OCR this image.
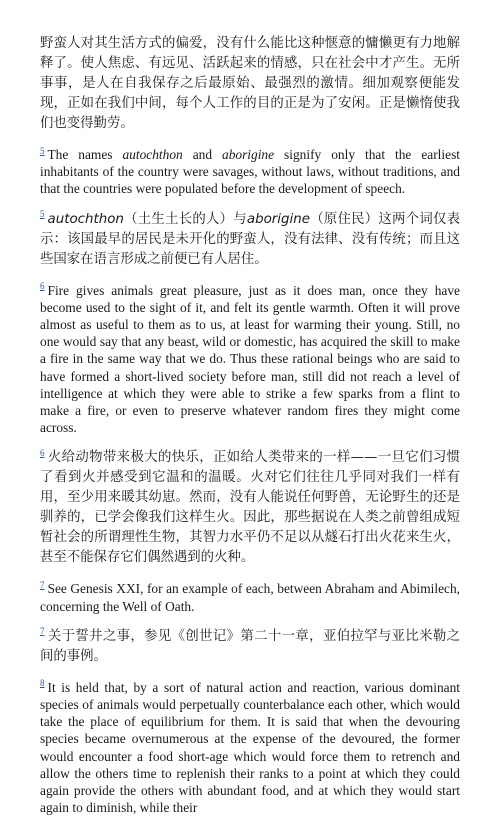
野蛮人对其生活方式的偏爱，没有什么能比这种惬意的慵懒更有力地解释了。使人焦虑、有远见、活跃起来的情感，只在社会中才产生。无所事事，是人在自我保存之后最原始、最强烈的激情。细加观察便能发现，正如在我们中间，每个人工作的目的正是为了安闲。正是懒惰使我们也变得勤劳。

$^5$ The names autochthon and aborigine signify only that the earliest inhabitants of the country were savages, without laws, without traditions, and that the countries were populated before the development of speech.

$^5$ autochthon（土生土长的人）与aborigine（原住民）这两个词仅表示：该国最早的居民是未开化的野蛮人，没有法律、没有传统；而且这些国家在语言形成之前便已有人居住。

$^6$ Fire gives animals great pleasure, just as it does man, once they have become used to the sight of it, and felt its gentle warmth. Often it will prove almost as useful to them as to us, at least for warming their young. Still, no one would say that any beast, wild or domestic, has acquired the skill to make a fire in the same way that we do. Thus these rational beings who are said to have formed a short-lived society before man, still did not reach a level of intelligence at which they were able to strike a few sparks from a flint to make a fire, or even to preserve whatever random fires they might come across.

$^6$ 火给动物带来极大的快乐，正如给人类带来的一样——一旦它们习惯了看到火并感受到它温和的温暖。火对它们往往几乎同对我们一样有用，至少用来暖其幼崽。然而，没有人能说任何野兽，无论野生的还是驯养的，已学会像我们这样生火。因此，那些据说在人类之前曾组成短暂社会的所谓理性生物，其智力水平仍不足以从燧石打出火花来生火，甚至不能保存它们偶然遇到的火种。

$^7$ See Genesis XXI, for an example of each, between Abraham and Abimilech, concerning the Well of Oath.

$^7$ 关于誓井之事，参见《创世记》第二十一章，亚伯拉罕与亚比米勒之间的事例。

$^8$ It is held that, by a sort of natural action and reaction, various dominant species of animals would perpetually counterbalance each other, which would take the place of equilibrium for them. It is said that when the devouring species became overnumerous at the expense of the devoured, the former would encounter a food short-age which would force them to retrench and allow the others time to replenish their ranks to a point at which they could again provide the others with abundant food, and at which they would start again to diminish, while their
